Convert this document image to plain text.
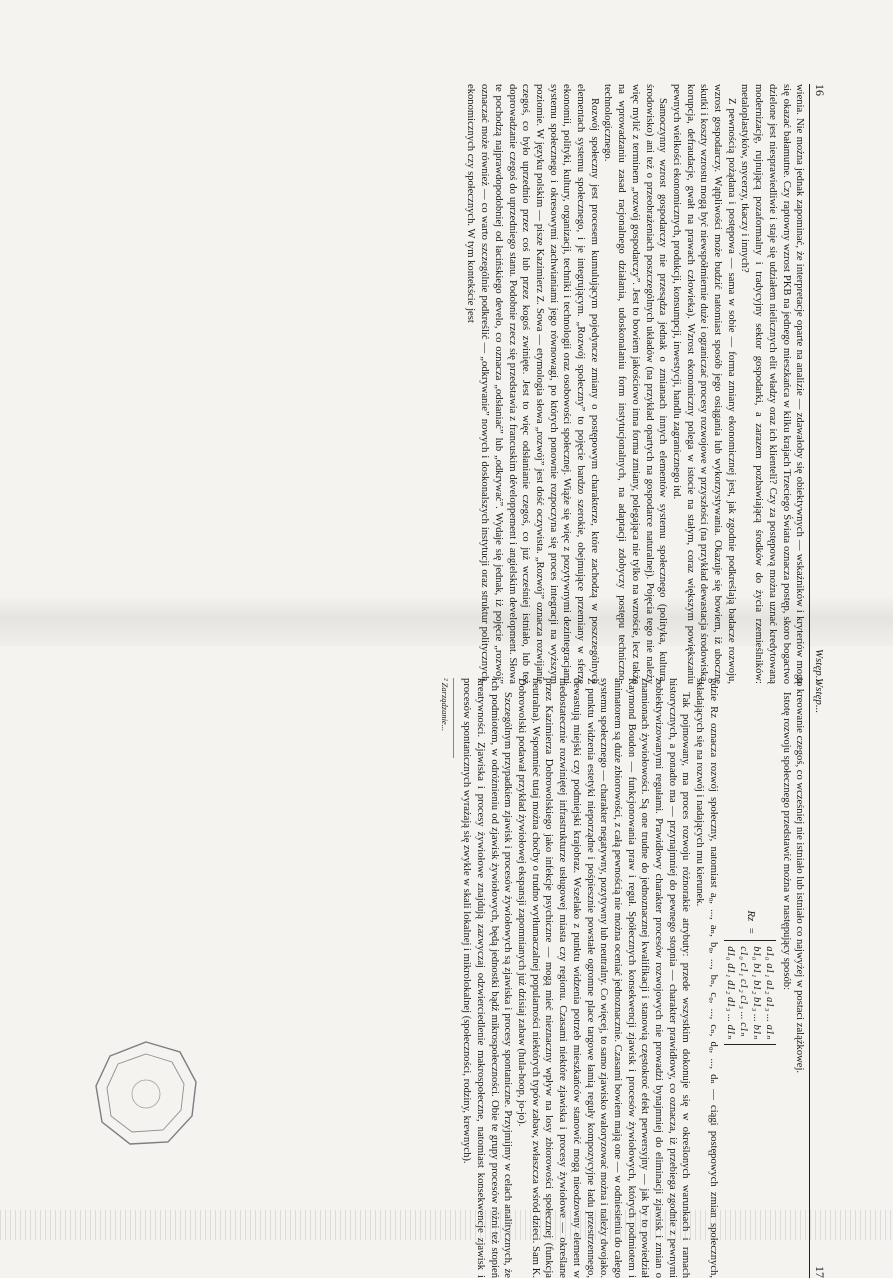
16
Wstęp...

wienia. Nie można jednak zapominać, że interpretacje oparte na analizie — zdawałoby się obiektywnych — wskaźników i kryteriów mogą się okazać bałamutne. Czy raptowny wzrost PKB na jednego mieszkańca w kilku krajach Trzeciego Świata oznacza postęp, skoro bogactwo dzielone jest niesprawiedliwie i staje się udziałem nielicznych elit władzy oraz ich klienteli? Czy za postępową można uznać kredytowaną modernizację, rujnującą pozaformalny i tradycyjny sektor gospodarki, a zarazem pozbawiającą środków do życia rzemieślników: metaloplastyków, snycerzy, tkaczy i innych?

Z pewnością pożądana i postępowa — sama w sobie — forma zmiany ekonomicznej jest, jak zgodnie podkreślają badacze rozwoju, wzrost gospodarczy. Wątpliwości może budzić natomiast sposób jego osiągania lub wykorzystywania. Okazuje się bowiem, iż uboczne skutki i koszty wzrostu mogą być niewspółmiernie duże i ograniczać procesy rozwojowe w przyszłości (na przykład dewastacja środowiska, korupcja, defraudacje, gwałt na prawach człowieka). Wzrost ekonomiczny polega w istocie na stałym, coraz większym powiększaniu pewnych wielkości ekonomicznych, produkcji, konsumpcji, inwestycji, handlu zagranicznego itd.

Samoczynny wzrost gospodarczy nie przesądza jednak o zmianach innych elementów systemu społecznego (polityka, kultura, środowisko) ani też o przeobrażeniach poszczególnych układów (na przykład opartych na gospodarce naturalnej). Pojęcia tego nie należy więc mylić z terminem „rozwój gospodarczy”. Jest to bowiem jakościowo inna forma zmiany, polegająca nie tylko na wzroście, lecz także na wprowadzaniu zasad racjonalnego działania, udoskonalaniu form instytucjonalnych, na adaptacji zdobyczy postępu techniczno-technologicznego.

Rozwój społeczny jest procesem kumulującym pojedyncze zmiany o postępowym charakterze, które zachodzą w poszczególnych elementach systemu społecznego, i je integrującym. „Rozwój społeczny” to pojęcie bardzo szerokie, obejmujące przemiany w sferze ekonomii, polityki, kultury, organizacji, techniki i technologii oraz osobowości społecznej. Wiąże się więc z pozytywnymi dezintegracjami systemu społecznego i okresowymi zachwianiami jego równowagi, po których ponownie rozpoczyna się proces integracji na wyższym poziomie. W języku polskim — pisze Kazimierz Z. Sowa — etymologia słowa „rozwój” jest dość oczywista. „Rozwój” oznacza rozwijanie czegoś, co było uprzednio przez coś lub przez kogoś zwinięte. Jest to więc odsłanianie czegoś, co już wcześniej istniało, lub też doprowadzanie czegoś do uprzedniego stanu. Podobnie rzecz się przedstawia z francuskim développement i angielskim development. Słowa te pochodzą najprawdopodobniej od łacińskiego develo, co oznacza „odsłaniać” lub „odkrywać”. Wydaje się jednak, iż pojęcie „rozwój” oznaczać może również — co warto szczególnie podkreślić — „odkrywanie” nowych i doskonalszych instytucji oraz struktur politycznych, ekonomicznych czy społecznych. W tym kontekście jest

Wstęp...
17

to kreowanie czegoś, co wcześniej nie istniało lub istniało co najwyżej w postaci zalążkowej.

Istotę rozwoju społecznego przedstawić można w następujący sposób:

Rz
=
a1₀ a1₁ a1₂ a1₃ ... a1ₙ
b1₀ b1₁ b1₂ b1₃ ... b1ₙ
c1₀ c1₁ c1₂ c1₃ ... c1ₙ
d1₀ d1₁ d1₂ d1₃ ... d1ₙ

gdzie Rz oznacza rozwój społeczny, natomiast a₀, ..., aₙ, b₀, ..., bₙ, c₀, ..., cₙ, d₀, ..., dₙ — ciągi postępowych zmian społecznych, składających się na rozwój i nadających mu kierunek.

Tak pojmowany, ma proces rozwoju różnorakie atrybuty: przede wszystkim dokonuje się w określonych warunkach i ramach historycznych, a ponadto ma — przynajmniej do pewnego stopnia — charakter prawidłowy, co oznacza, iż przebiega zgodnie z pewnymi zobiektywizowanymi regułami. Prawidłowy charakter procesów rozwojowych nie prowadzi bynajmniej do eliminacji zjawisk i zmian o znamionach żywiołowości. Są one trudne do jednoznacznej kwalifikacji i stanowią częstokroć efekt perwersyjny — jak by to powiedział Raymond Boudon — funkcjonowania praw i reguł. Spółecznych konsekwencji zjawisk i procesów żywiołowych, których podmiotem i animatorem są duże zbiorowości, z całą pewnością nie można oceniać jednoznacznie. Czasami bowiem mają one — w odniesieniu do całego systemu społecznego — charakter negatywny, pozytywny lub neutralny. Co więcej, to samo zjawisko waloryzować można i należy dwojako. Z punktu widzenia estetyki nieporządne i pośpiesznie powstałe ogromne place targowe łamią reguły kompozycyjne ładu przestrzennego, dewastują miejski czy podmiejski krajobraz. Wszelako z punktu widzenia potrzeb mieszkańców stanowić mogą nieodzowny element w niedostatecznie rozwiniętej infrastrukturze usługowej miasta czy regionu. Czasami niektóre zjawiska i procesy żywiołowe — określane przez Kazimierza Dobrowolskiego jako infekcje psychiczne — mogą mieć nieznaczny wpływ na losy zbiorowości społecznej (funkcja neutralna). Wspomnieć tutaj można choćby o trudno wytłumaczalnej popularności niektórych typów zabaw, zwłaszcza wśród dzieci. Sam K. Dobrowolski podawał przykład żywiołowej ekspansji zapomnianych już dzisiaj zabaw (hula-hoop, jo-jo).

Szczególnym przypadkiem zjawisk i procesów żywiołowych są zjawiska i procesy spontaniczne. Przyjmijmy w celach analitycznych, że ich podmiotem, w odróżnieniu od zjawisk żywiołowych, będą jednostki bądź mikrospołeczności. Obie te grupy procesów różni też stopień kreatywności. Zjawiska i procesy żywiołowe znajdują zazwyczaj odzwierciedlenie makrospołeczne, natomiast konsekwencje zjawisk i procesów spontanicznych wyrażają się zwykle w skali lokalnej i mikrolokalnej (społeczności, rodziny, krewnych).

² Zarządzanie...
